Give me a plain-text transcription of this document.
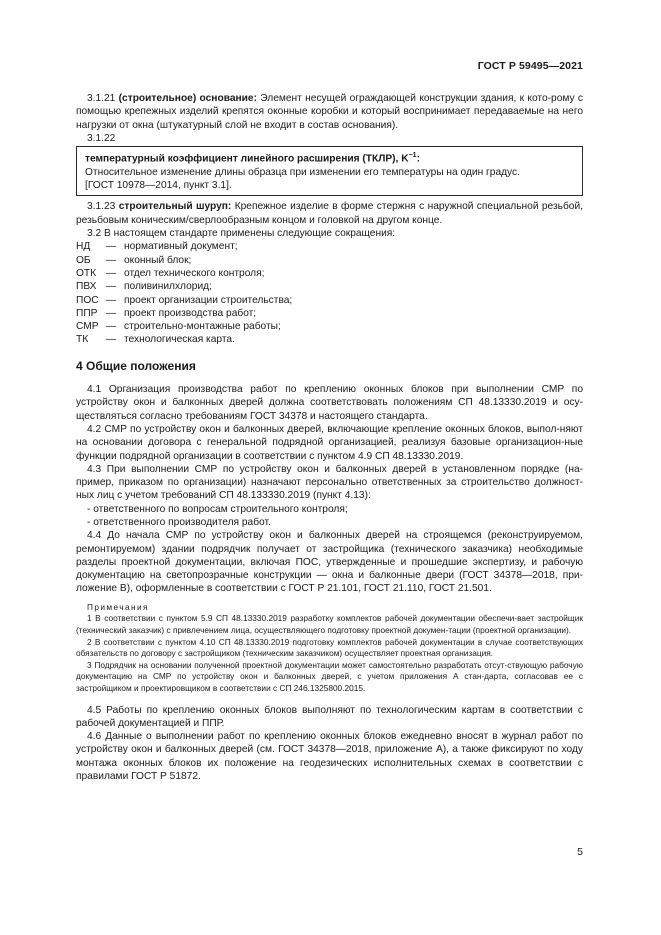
ГОСТ Р 59495—2021

3.1.21 (строительное) основание: Элемент несущей ограждающей конструкции здания, к кото-рому с помощью крепежных изделий крепятся оконные коробки и который воспринимает передаваемые на него нагрузки от окна (штукатурный слой не входит в состав основания).

3.1.22

температурный коэффициент линейного расширения (ТКЛР), $K^{-1}$:

Относительное изменение длины образца при изменении его температуры на один градус.

[ГОСТ 10978—2014, пункт 3.1].

3.1.23 строительный шуруп: Крепежное изделие в форме стержня с наружной специальной резьбой, резьбовым коническим/сверлообразным концом и головкой на другом конце.

3.2 В настоящем стандарте применены следующие сокращения:

НД	— нормативный документ;
ОБ	— оконный блок;
ОТК — отдел технического контроля;
ПВХ — поливинилхлорид;
ПОС — проект организации строительства;
ППР — проект производства работ;
СМР — строительно-монтажные работы;
ТК	— технологическая карта.
4 Общие положения

4.1 Организация производства работ по креплению оконных блоков при выполнении СМР по устройству окон и балконных дверей должна соответствовать положениям СП 48.13330.2019 и осу-ществляться согласно требованиям ГОСТ 34378 и настоящего стандарта.

4.2 СМР по устройству окон и балконных дверей, включающие крепление оконных блоков, выпол-няют на основании договора с генеральной подрядной организацией, реализуя базовые организацион-ные функции подрядной организации в соответствии с пунктом 4.9 СП 48.13330.2019.

4.3 При выполнении СМР по устройству окон и балконных дверей в установленном порядке (на-пример, приказом по организации) назначают персонально ответственных за строительство должност-ных лиц с учетом требований СП 48.133330.2019 (пункт 4.13):

- ответственного по вопросам строительного контроля;

- ответственного производителя работ.

4.4 До начала СМР по устройству окон и балконных дверей на строящемся (реконструируемом, ремонтируемом) здании подрядчик получает от застройщика (технического заказчика) необходимые разделы проектной документации, включая ПОС, утвержденные и прошедшие экспертизу, и рабочую документацию на светопрозрачные конструкции — окна и балконные двери (ГОСТ 34378—2018, при-ложение В), оформленные в соответствии с ГОСТ Р 21.101, ГОСТ 21.110, ГОСТ 21.501.

Примечания

1 В соответствии с пунктом 5.9 СП 48.13330.2019 разработку комплектов рабочей документации обеспечи-вает застройщик (технический заказчик) с привлечением лица, осуществляющего подготовку проектной докумен-тации (проектной организации).

2 В соответствии с пунктом 4.10 СП 48.13330.2019 подготовку комплектов рабочей документации в случае соответствующих обязательств по договору с застройщиком (техническим заказчиком) осуществляет проектная организация.

3 Подрядчик на основании полученной проектной документации может самостоятельно разработать отсут-ствующую рабочую документацию на СМР по устройству окон и балконных дверей, с учетом приложения А стан-дарта, согласовав ее с застройщиком и проектировщиком в соответствии с СП 246.1325800.2015.

4.5 Работы по креплению оконных блоков выполняют по технологическим картам в соответствии с рабочей документацией и ППР.

4.6 Данные о выполнении работ по креплению оконных блоков ежедневно вносят в журнал работ по устройству окон и балконных дверей (см. ГОСТ 34378—2018, приложение А), а также фиксируют по ходу монтажа оконных блоков их положение на геодезических исполнительных схемах в соответствии с правилами ГОСТ Р 51872.

5
